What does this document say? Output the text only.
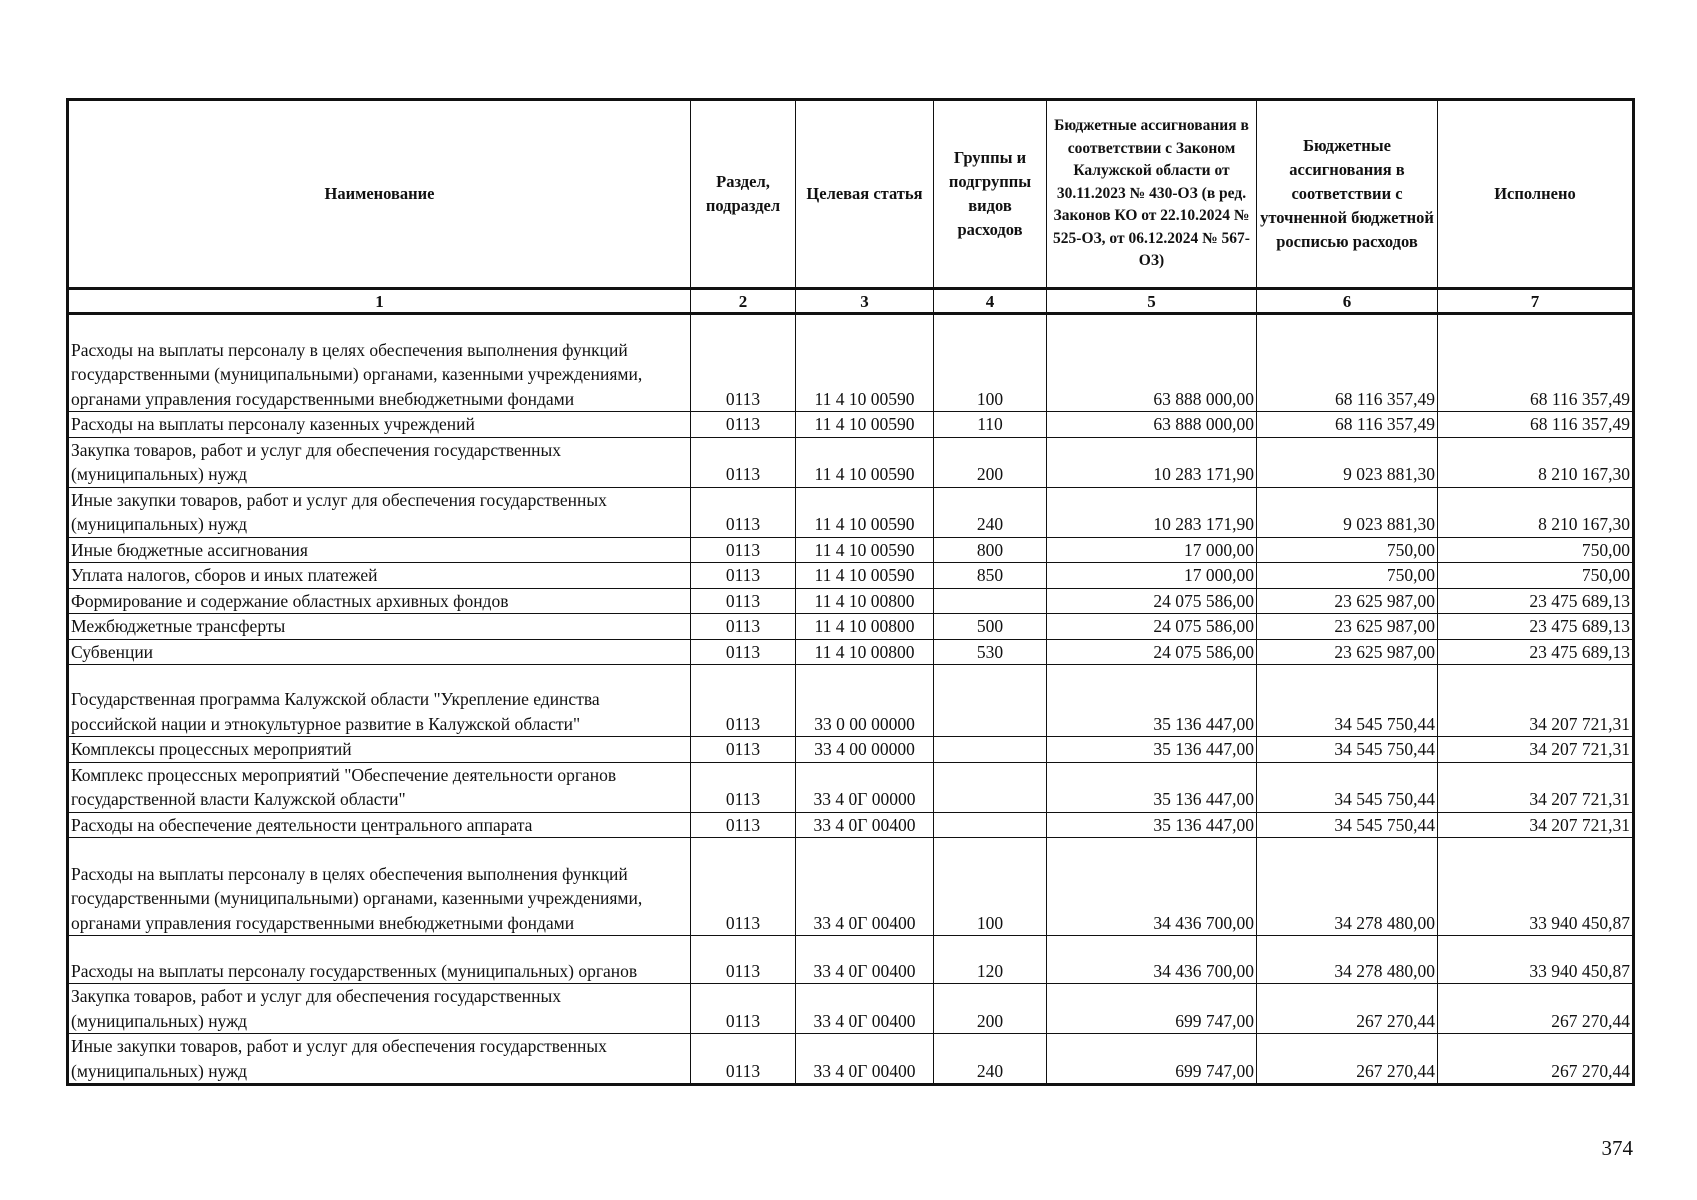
Наименование	Раздел, подраздел	Целевая статья	Группы и подгруппы видов расходов	Бюджетные ассигнования в соответствии с Законом Калужской области от 30.11.2023 № 430-ОЗ (в ред. Законов КО от 22.10.2024 № 525-ОЗ, от 06.12.2024 № 567-ОЗ)	Бюджетные ассигнования в соответствии с уточненной бюджетной росписью расходов	Исполнено
1	2	3	4	5	6	7
Расходы на выплаты персоналу в целях обеспечения выполнения функций государственными (муниципальными) органами, казенными учреждениями, органами управления государственными внебюджетными фондами	0113	11 4 10 00590	100	63 888 000,00	68 116 357,49	68 116 357,49
Расходы на выплаты персоналу казенных учреждений	0113	11 4 10 00590	110	63 888 000,00	68 116 357,49	68 116 357,49
Закупка товаров, работ и услуг для обеспечения государственных (муниципальных) нужд	0113	11 4 10 00590	200	10 283 171,90	9 023 881,30	8 210 167,30
Иные закупки товаров, работ и услуг для обеспечения государственных (муниципальных) нужд	0113	11 4 10 00590	240	10 283 171,90	9 023 881,30	8 210 167,30
Иные бюджетные ассигнования	0113	11 4 10 00590	800	17 000,00	750,00	750,00
Уплата налогов, сборов и иных платежей	0113	11 4 10 00590	850	17 000,00	750,00	750,00
Формирование и содержание областных архивных фондов	0113	11 4 10 00800		24 075 586,00	23 625 987,00	23 475 689,13
Межбюджетные трансферты	0113	11 4 10 00800	500	24 075 586,00	23 625 987,00	23 475 689,13
Субвенции	0113	11 4 10 00800	530	24 075 586,00	23 625 987,00	23 475 689,13
Государственная программа Калужской области "Укрепление единства российской нации и этнокультурное развитие в Калужской области"	0113	33 0 00 00000		35 136 447,00	34 545 750,44	34 207 721,31
Комплексы процессных мероприятий	0113	33 4 00 00000		35 136 447,00	34 545 750,44	34 207 721,31
Комплекс процессных мероприятий "Обеспечение деятельности органов государственной власти Калужской области"	0113	33 4 0Г 00000		35 136 447,00	34 545 750,44	34 207 721,31
Расходы на обеспечение деятельности центрального аппарата	0113	33 4 0Г 00400		35 136 447,00	34 545 750,44	34 207 721,31
Расходы на выплаты персоналу в целях обеспечения выполнения функций государственными (муниципальными) органами, казенными учреждениями, органами управления государственными внебюджетными фондами	0113	33 4 0Г 00400	100	34 436 700,00	34 278 480,00	33 940 450,87
Расходы на выплаты персоналу государственных (муниципальных) органов	0113	33 4 0Г 00400	120	34 436 700,00	34 278 480,00	33 940 450,87
Закупка товаров, работ и услуг для обеспечения государственных (муниципальных) нужд	0113	33 4 0Г 00400	200	699 747,00	267 270,44	267 270,44
Иные закупки товаров, работ и услуг для обеспечения государственных (муниципальных) нужд	0113	33 4 0Г 00400	240	699 747,00	267 270,44	267 270,44
374
